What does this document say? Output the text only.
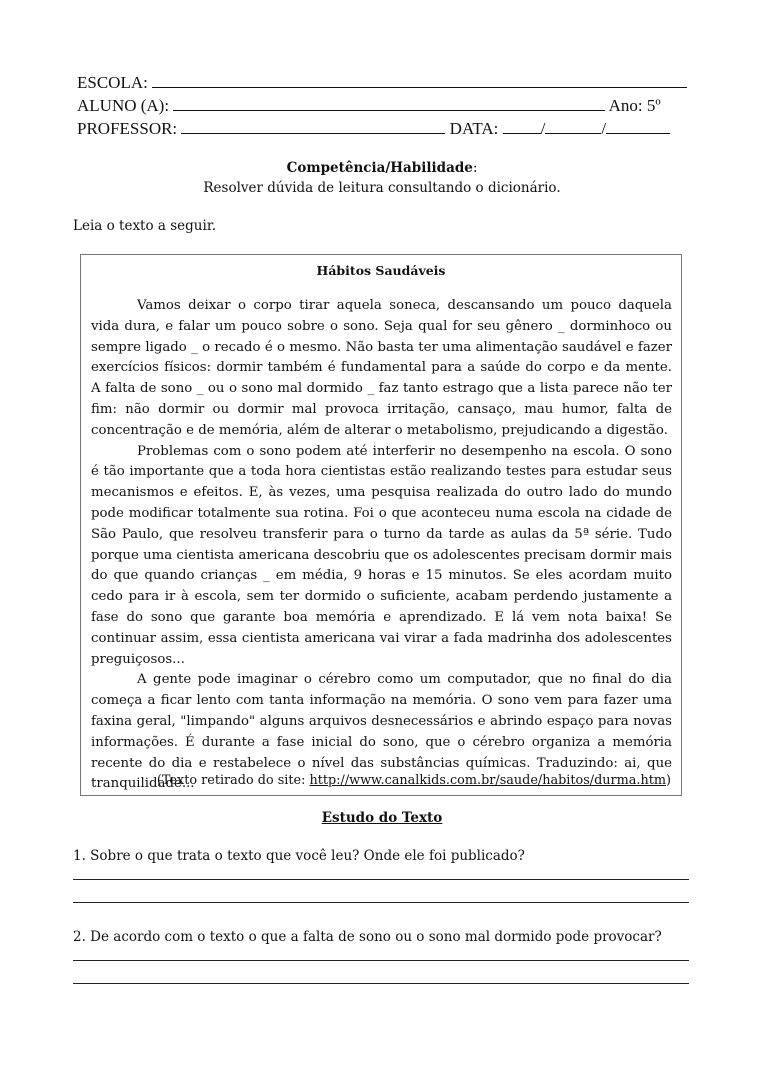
ESCOLA:
ALUNO (A):	Ano: 5º
PROFESSOR:	DATA: /	/
Competência/Habilidade:
Resolver dúvida de leitura consultando o dicionário.
Leia o texto a seguir.
Hábitos Saudáveis

Vamos deixar o corpo tirar aquela soneca, descansando um pouco daquela vida dura, e falar um pouco sobre o sono. Seja qual for seu gênero _ dorminhoco ou sempre ligado _ o recado é o mesmo. Não basta ter uma alimentação saudável e fazer exercícios físicos: dormir também é fundamental para a saúde do corpo e da mente. A falta de sono _ ou o sono mal dormido _ faz tanto estrago que a lista parece não ter fim: não dormir ou dormir mal provoca irritação, cansaço, mau humor, falta de concentração e de memória, além de alterar o metabolismo, prejudicando a digestão.

Problemas com o sono podem até interferir no desempenho na escola. O sono é tão importante que a toda hora cientistas estão realizando testes para estudar seus mecanismos e efeitos. E, às vezes, uma pesquisa realizada do outro lado do mundo pode modificar totalmente sua rotina. Foi o que aconteceu numa escola na cidade de São Paulo, que resolveu transferir para o turno da tarde as aulas da 5ª série. Tudo porque uma cientista americana descobriu que os adolescentes precisam dormir mais do que quando crianças _ em média, 9 horas e 15 minutos. Se eles acordam muito cedo para ir à escola, sem ter dormido o suficiente, acabam perdendo justamente a fase do sono que garante boa memória e aprendizado. E lá vem nota baixa! Se continuar assim, essa cientista americana vai virar a fada madrinha dos adolescentes preguiçosos...

A gente pode imaginar o cérebro como um computador, que no final do dia começa a ficar lento com tanta informação na memória. O sono vem para fazer uma faxina geral, "limpando" alguns arquivos desnecessários e abrindo espaço para novas informações. É durante a fase inicial do sono, que o cérebro organiza a memória recente do dia e restabelece o nível das substâncias químicas. Traduzindo: ai, que tranquilidade...

(Texto retirado do site: http://www.canalkids.com.br/saude/habitos/durma.htm)
Estudo do Texto
1. Sobre o que trata o texto que você leu? Onde ele foi publicado?
2. De acordo com o texto o que a falta de sono ou o sono mal dormido pode provocar?
